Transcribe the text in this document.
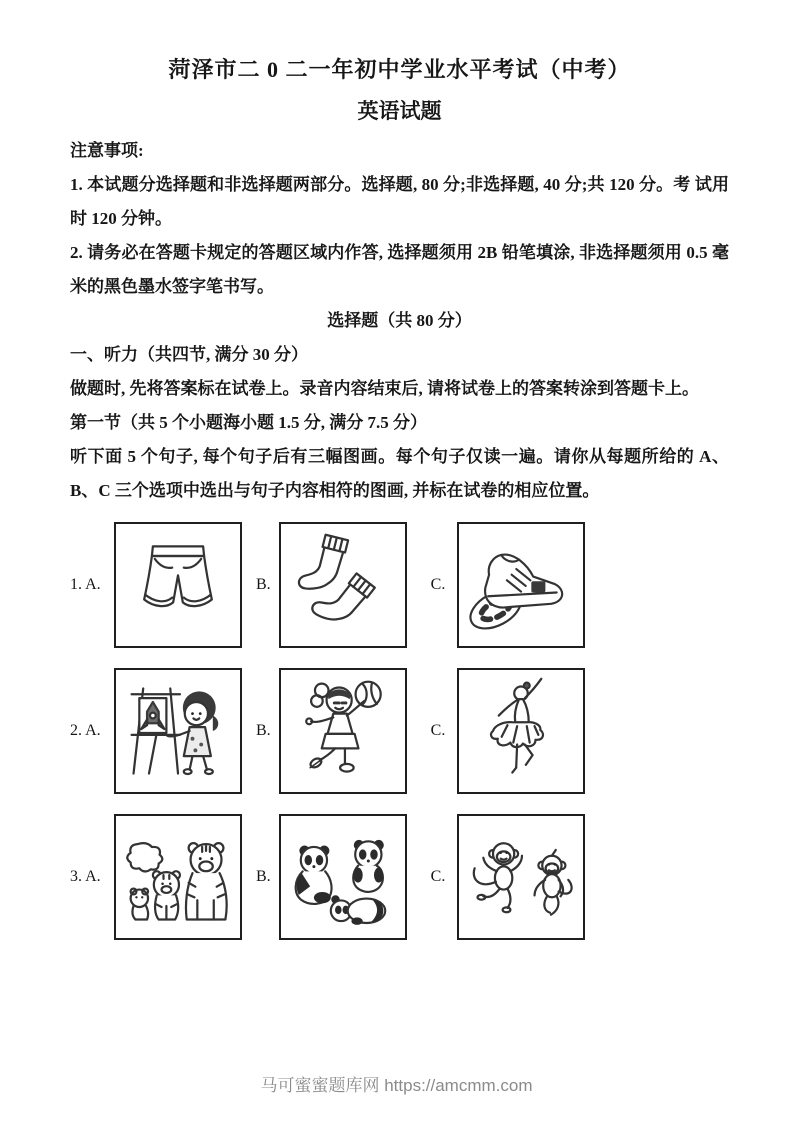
菏泽市二 0 二一年初中学业水平考试（中考）
英语试题

注意事项:

1. 本试题分选择题和非选择题两部分。选择题, 80 分;非选择题, 40 分;共 120 分。考 试用时 120 分钟。

2. 请务必在答题卡规定的答题区域内作答, 选择题须用 2B 铅笔填涂, 非选择题须用 0.5 毫米的黑色墨水签字笔书写。

选择题（共 80 分）

一、听力（共四节, 满分 30 分）

做题时, 先将答案标在试卷上。录音内容结束后, 请将试卷上的答案转涂到答题卡上。

第一节（共 5 个小题海小题 1.5 分, 满分 7.5 分）

听下面 5 个句子, 每个句子后有三幅图画。每个句子仅读一遍。请你从每题所给的 A、B、C 三个选项中选出与句子内容相符的图画, 并标在试卷的相应位置。

1. A.	B.	C.
2. A.	B.	C.
3. A.	B.	C.
马可蜜蜜题库网 https://amcmm.com
